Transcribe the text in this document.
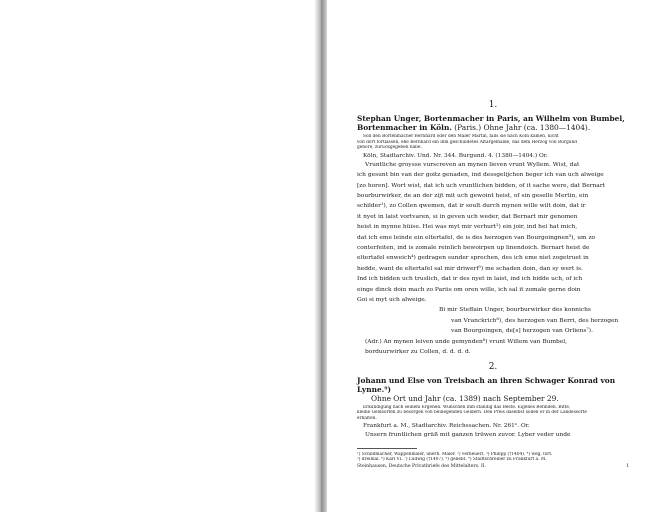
1.

Stephan Unger, Bortenmacher in Paris, an Wilhelm von Bumbel,
Bortenmacher in Köln. (Paris.) Ohne Jahr (ca. 1380—1404).

Soll den Bortenmacher Bernhard oder den Maler Martin, falls sie nach Köln kämen, nicht
von dort fortlassen, ehe Bernhard ein ihm geschuldetes Altargemälde, das dem Herzog von Burgund
gehöre, zurückgegeben habe.

Köln, Stadtarchiv. Und. Nr. 344. Burgund. 4. (1380—1404.) Or.

Vruntliche groysse vurscreven an mynen lieven vrunt Wyllem. Wist, dat
ich gesunt bin van der goitz genaden, ind dessgelijchen beger ich van uch alweige
[zo horen]. Wort wist, dat ich uch vruntlichen bidden, of it sache were, dat Bernart
bourburwirker, de an der zijt mit uch gewoint heist, of sin geselle Mertin, ein
schilder¹), zo Collen qwemen, dat ir soult durch mynen wille wilt doin, dat ir
it nyet in laist vortvaren, si in geven uch weder, dat Bernart mir genomen
heist in mynne hüise. Hei was myt mir verhurt²) ein joir, ind hei hat mich,
dat ich eme leinde ein eltertafel, de is des herzogen van Bourgoingnen³), um zo
conterfeiten, ind is zomale reinlich bewoirpen up linendoich. Bernart heist de
eltertafel enweich⁴) gedragen sunder sprechen, des ich eme niet zogetruet in
hedde, want de eltertafel sal mir driwerf⁵) me schaden doin, dan sy wert is.
Ind ich bidden uch truslich, dat ir des nyet in laist, ind ich bidde uch, of ich
einge dinck doin mach zo Pariis om oren wille, ich sal it zomale gerne doin
Goi si myt uch alweige.
Bi mir Steffain Unger, bourburwirker des konnichs
van Vranckrich⁶), des herzogen van Berri, des herzogen
van Bourgoingen, de[s] herzogen van Orliens⁷).
(Adr.) An mynen leiven unde gemynden⁸) vrunt Willem van Bumbel,
borduurwirker zu Collen, d. d. d. d.
2.

Johann und Else von Treisbach an ihren Schwager Konrad von Lynne.⁹)
Ohne Ort und Jahr (ca. 1389) nach September 29.

Erkundigung nach seinem Ergehen. Wünschen ihm ständig das Beste. Eigenes Befinden. Bitte,
kleine Geldsorten zu besorgen von beiliegenden Geldern. Den Preis daselbst sollen er in der Landessorte
erhalten.

Frankfurt a. M., Stadtarchiv. Reichssachen. Nr. 261ᵇ. Or.

Unsern fruntlichen grüß mit ganzen trüwen zuvor. Lyber veder unde
¹) Schildmacher, Wappenmaler, überh. Maler. ²) verheuert. ³) Philipp (†1404). ⁴) weg, fort.
⁵) dreimal. ⁶) Karl VI. ⁷) Ludwig (†1407). ⁸) geliebt. ⁹) Stadtschreiber zu Frankfurt a. M.
Steinhausen, Deutsche Privatbriefe des Mittelalters. II.	1
